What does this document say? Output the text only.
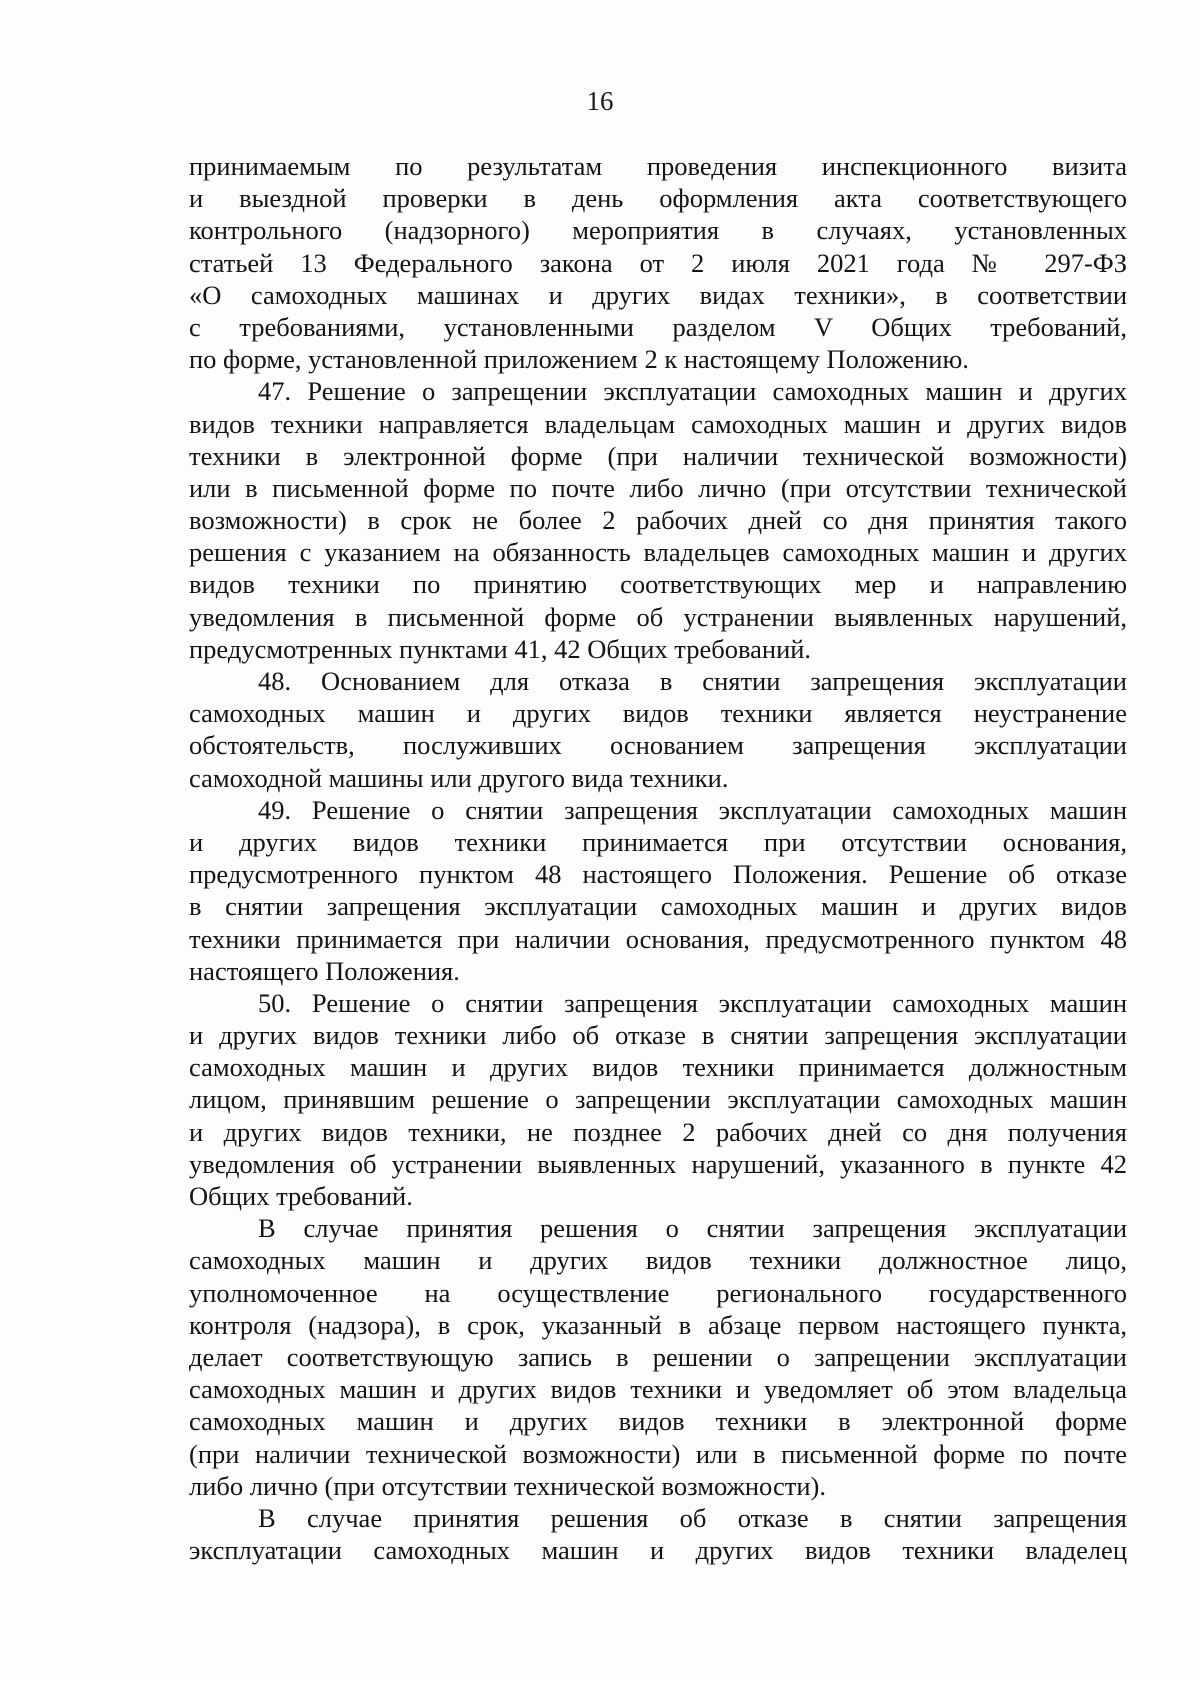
16
принимаемым по результатам проведения инспекционного визита
и выездной проверки в день оформления акта соответствующего
контрольного (надзорного) мероприятия в случаях, установленных
статьей 13 Федерального закона от 2 июля 2021 года № 297-ФЗ
«О самоходных машинах и других видах техники», в соответствии
с требованиями, установленными разделом V Общих требований,
по форме, установленной приложением 2 к настоящему Положению.
47. Решение о запрещении эксплуатации самоходных машин и других
видов техники направляется владельцам самоходных машин и других видов
техники в электронной форме (при наличии технической возможности)
или в письменной форме по почте либо лично (при отсутствии технической
возможности) в срок не более 2 рабочих дней со дня принятия такого
решения с указанием на обязанность владельцев самоходных машин и других
видов техники по принятию соответствующих мер и направлению
уведомления в письменной форме об устранении выявленных нарушений,
предусмотренных пунктами 41, 42 Общих требований.
48. Основанием для отказа в снятии запрещения эксплуатации
самоходных машин и других видов техники является неустранение
обстоятельств, послуживших основанием запрещения эксплуатации
самоходной машины или другого вида техники.
49. Решение о снятии запрещения эксплуатации самоходных машин
и других видов техники принимается при отсутствии основания,
предусмотренного пунктом 48 настоящего Положения. Решение об отказе
в снятии запрещения эксплуатации самоходных машин и других видов
техники принимается при наличии основания, предусмотренного пунктом 48
настоящего Положения.
50. Решение о снятии запрещения эксплуатации самоходных машин
и других видов техники либо об отказе в снятии запрещения эксплуатации
самоходных машин и других видов техники принимается должностным
лицом, принявшим решение о запрещении эксплуатации самоходных машин
и других видов техники, не позднее 2 рабочих дней со дня получения
уведомления об устранении выявленных нарушений, указанного в пункте 42
Общих требований.
В случае принятия решения о снятии запрещения эксплуатации
самоходных машин и других видов техники должностное лицо,
уполномоченное на осуществление регионального государственного
контроля (надзора), в срок, указанный в абзаце первом настоящего пункта,
делает соответствующую запись в решении о запрещении эксплуатации
самоходных машин и других видов техники и уведомляет об этом владельца
самоходных машин и других видов техники в электронной форме
(при наличии технической возможности) или в письменной форме по почте
либо лично (при отсутствии технической возможности).
В случае принятия решения об отказе в снятии запрещения
эксплуатации самоходных машин и других видов техники владелец
